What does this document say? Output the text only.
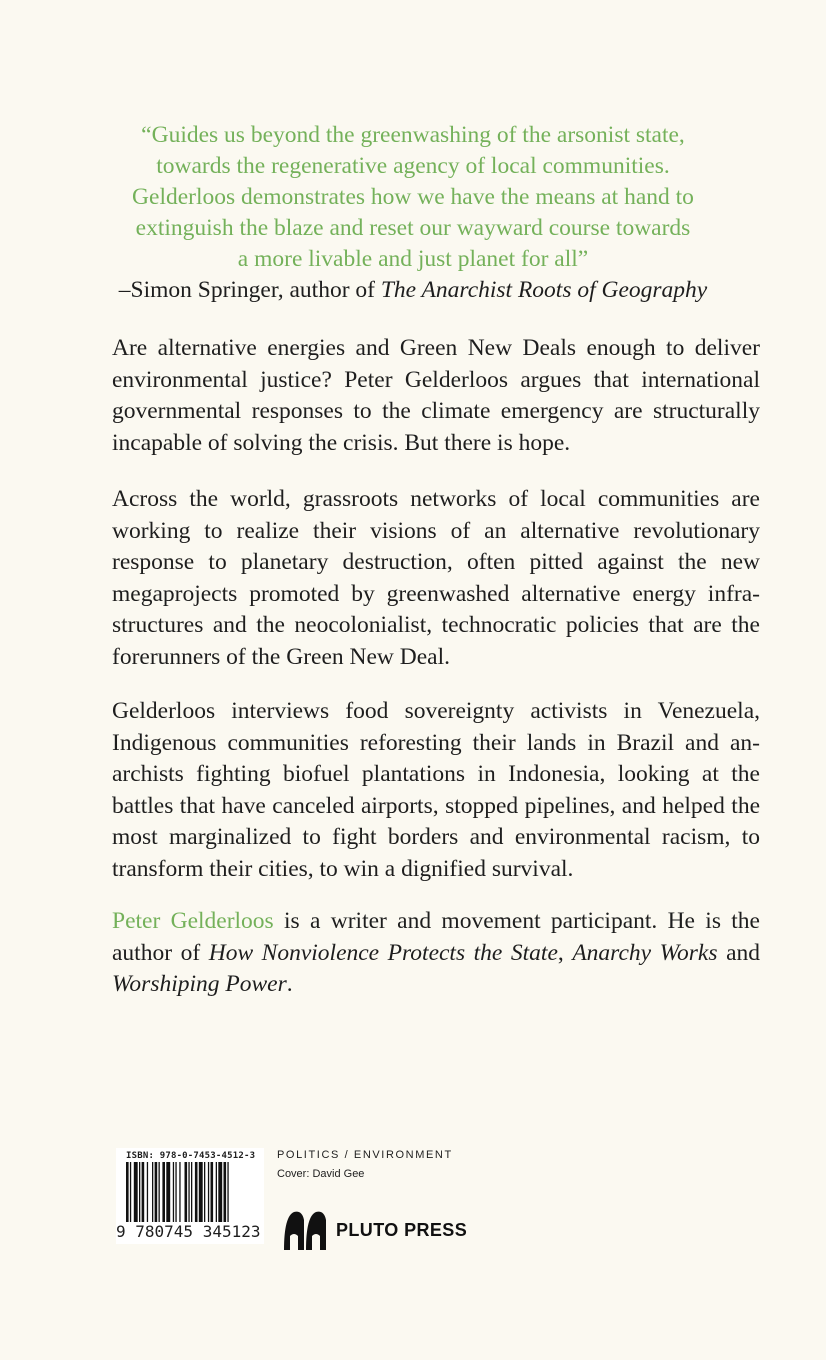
“Guides us beyond the greenwashing of the arsonist state,
towards the regenerative agency of local communities.
Gelderloos demonstrates how we have the means at hand to
extinguish the blaze and reset our wayward course towards
a more livable and just planet for all”
–Simon Springer, author of The Anarchist Roots of Geography
Are alternative energies and Green New Deals enough to deliver environmental justice? Peter Gelderloos argues that international governmental responses to the climate emergency are structurally incapable of solving the crisis. But there is hope.
Across the world, grassroots networks of local communities are working to realize their visions of an alternative revolutionary response to planetary destruction, often pitted against the new megaprojects promoted by greenwashed alternative energy infrastructures and the neocolonialist, technocratic policies that are the forerunners of the Green New Deal.
Gelderloos interviews food sovereignty activists in Venezuela, Indigenous communities reforesting their lands in Brazil and anarchists fighting biofuel plantations in Indonesia, looking at the battles that have canceled airports, stopped pipelines, and helped the most marginalized to fight borders and environmental racism, to transform their cities, to win a dignified survival.
Peter Gelderloos is a writer and movement participant. He is the author of How Nonviolence Protects the State, Anarchy Works and Worshiping Power.
ISBN: 978-0-7453-4512-3
9 780745 345123
POLITICS / ENVIRONMENT
Cover: David Gee
PLUTO PRESS
